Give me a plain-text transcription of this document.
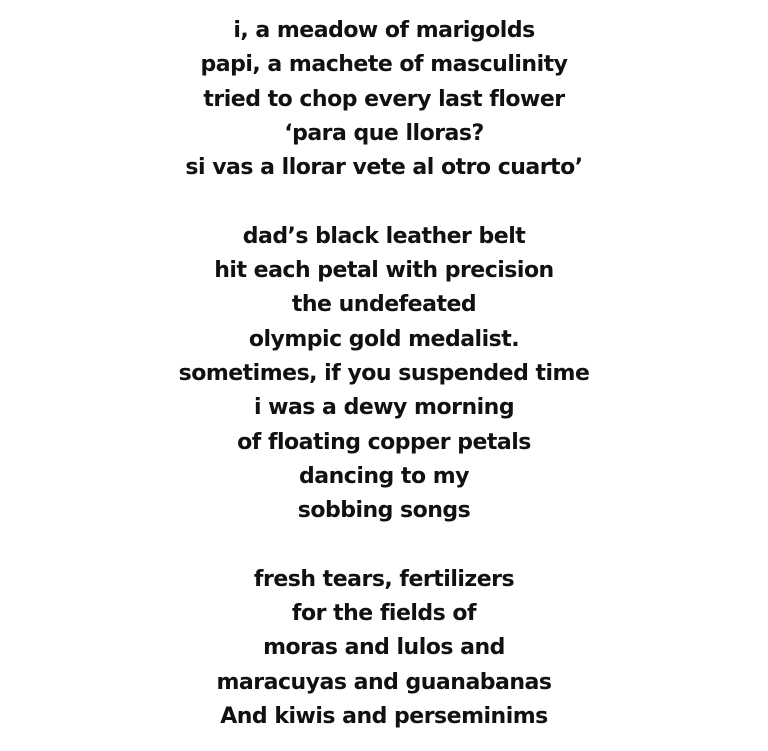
i, a meadow of marigolds
papi, a machete of masculinity
tried to chop every last flower
‘para que lloras?
si vas a llorar vete al otro cuarto’
dad’s black leather belt
hit each petal with precision
the undefeated
olympic gold medalist.
sometimes, if you suspended time
i was a dewy morning
of floating copper petals
dancing to my
sobbing songs
fresh tears, fertilizers
for the fields of
moras and lulos and
maracuyas and guanabanas
And kiwis and perseminims
